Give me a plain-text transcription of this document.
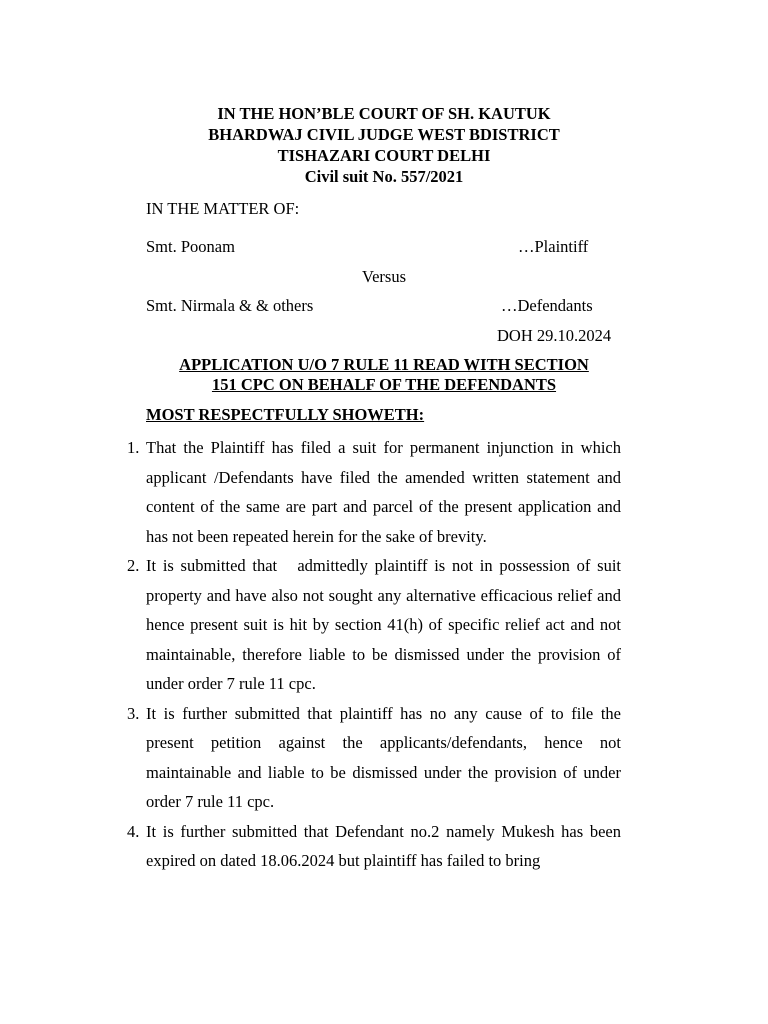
IN THE HON’BLE COURT OF SH. KAUTUK
BHARDWAJ CIVIL JUDGE WEST BDISTRICT
TISHAZARI COURT DELHI
Civil suit No. 557/2021
IN THE MATTER OF:
Smt. Poonam	…Plaintiff
Versus
Smt. Nirmala & & others	…Defendants
DOH 29.10.2024
APPLICATION U/O 7 RULE 11 READ WITH SECTION
151 CPC ON BEHALF OF THE DEFENDANTS
MOST RESPECTFULLY SHOWETH:
1. That the Plaintiff has filed a suit for permanent injunction in which applicant /Defendants have filed the amended written statement and content of the same are part and parcel of the present application and has not been repeated herein for the sake of brevity.
2. It is submitted that   admittedly plaintiff is not in possession of suit property and have also not sought any alternative efficacious relief and hence present suit is hit by section 41(h) of specific relief act and not maintainable, therefore liable to be dismissed under the provision of under order 7 rule 11 cpc.
3. It is further submitted that plaintiff has no any cause of to file the present petition against the applicants/defendants, hence not maintainable and liable to be dismissed under the provision of under order 7 rule 11 cpc.
4. It is further submitted that Defendant no.2 namely Mukesh has been expired on dated 18.06.2024 but plaintiff has failed to bring
